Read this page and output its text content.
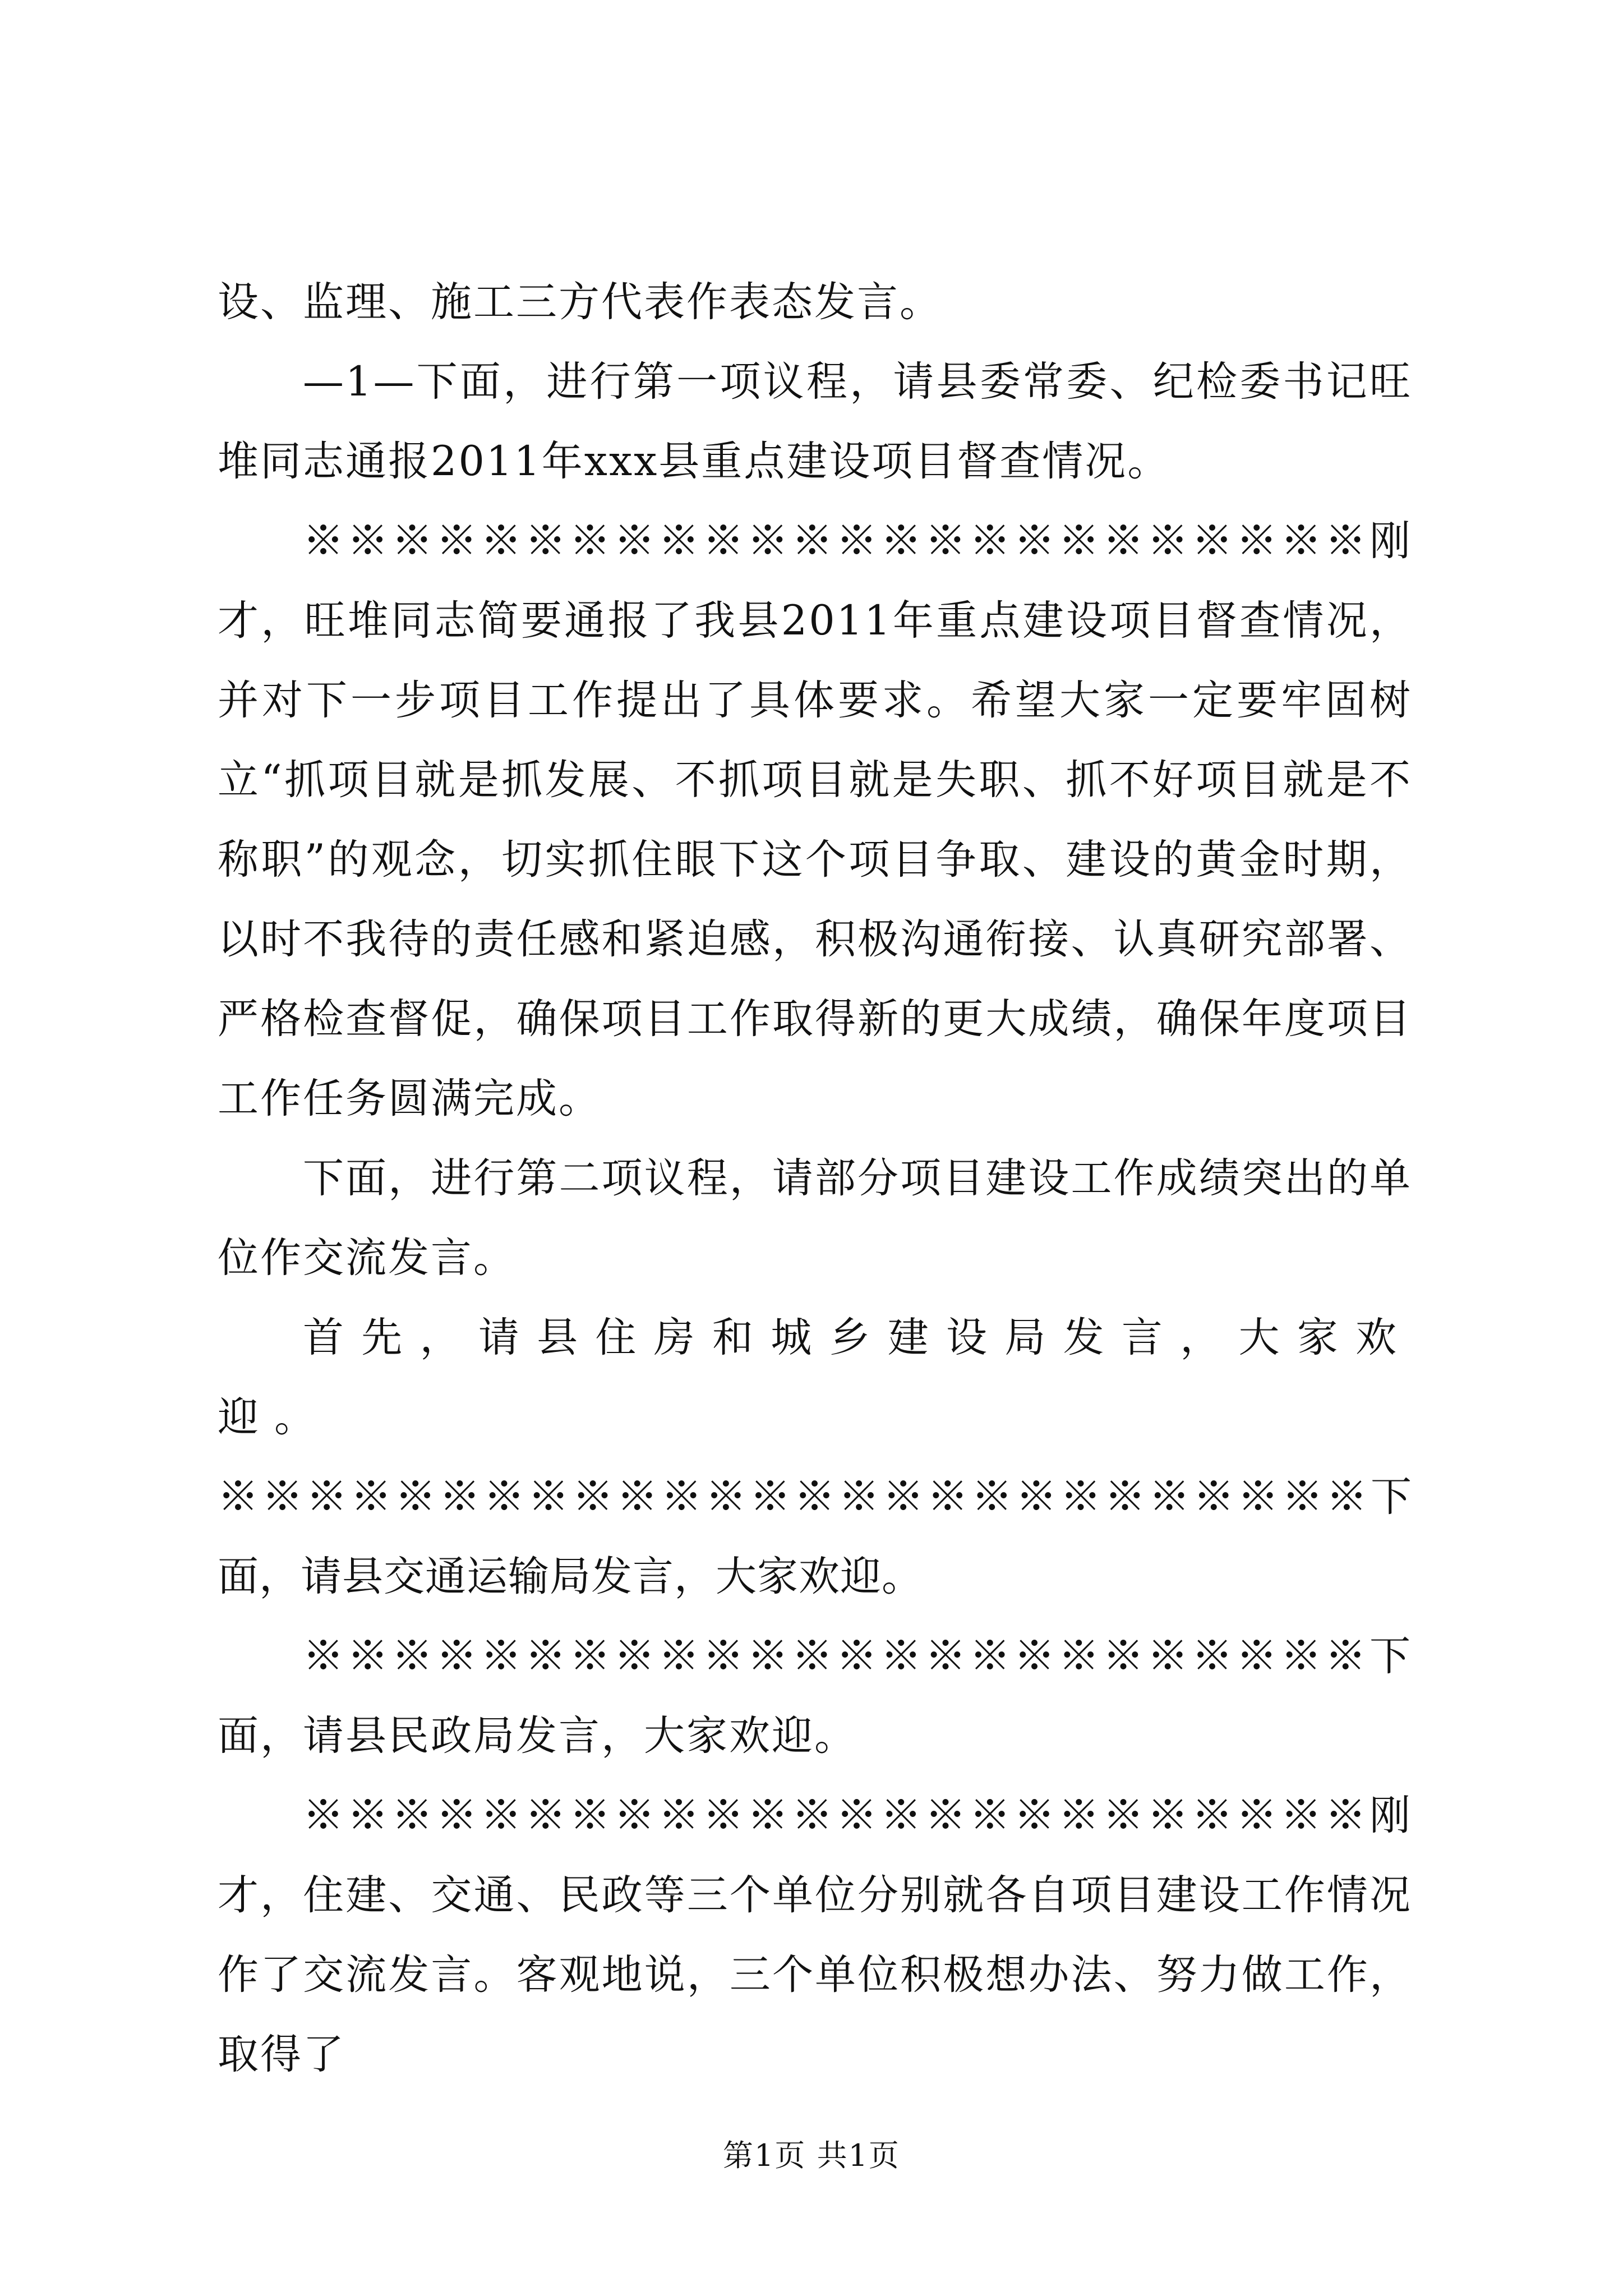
设、监理、施工三方代表作表态发言。

—1—下面，进行第一项议程，请县委常委、纪检委书记旺堆同志通报2011年xxx县重点建设项目督查情况。

※※※※※※※※※※※※※※※※※※※※※※※※刚才，旺堆同志简要通报了我县2011年重点建设项目督查情况，并对下一步项目工作提出了具体要求。希望大家一定要牢固树立“抓项目就是抓发展、不抓项目就是失职、抓不好项目就是不称职”的观念，切实抓住眼下这个项目争取、建设的黄金时期，以时不我待的责任感和紧迫感，积极沟通衔接、认真研究部署、严格检查督促，确保项目工作取得新的更大成绩，确保年度项目工作任务圆满完成。

下面，进行第二项议程，请部分项目建设工作成绩突出的单位作交流发言。

首先，请县住房和城乡建设局发言，大家欢迎。

※※※※※※※※※※※※※※※※※※※※※※※※※※下面，请县交通运输局发言，大家欢迎。

※※※※※※※※※※※※※※※※※※※※※※※※下面，请县民政局发言，大家欢迎。

※※※※※※※※※※※※※※※※※※※※※※※※刚才，住建、交通、民政等三个单位分别就各自项目建设工作情况作了交流发言。客观地说，三个单位积极想办法、努力做工作，取得了

第1页 共1页
